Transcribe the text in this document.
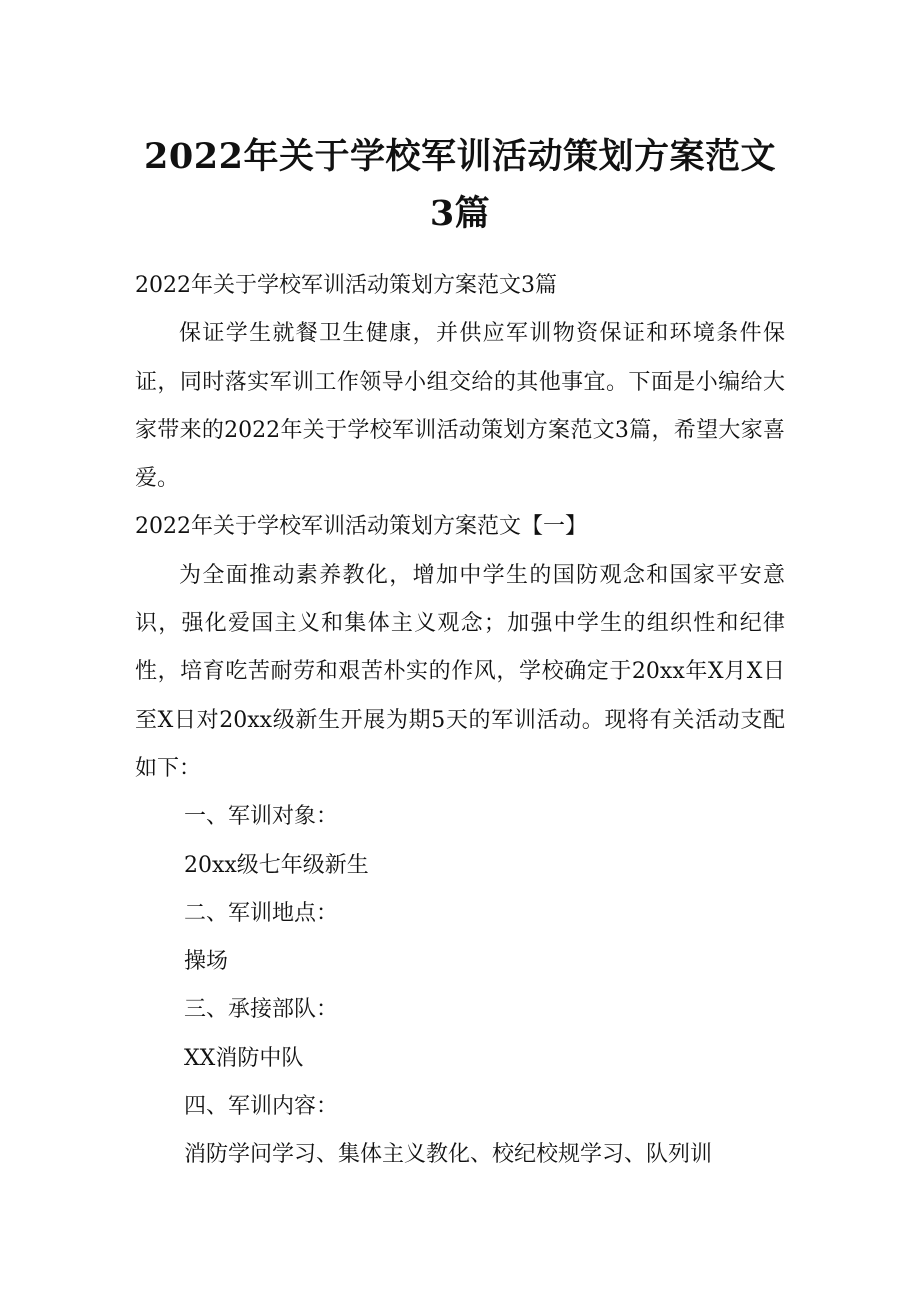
2022年关于学校军训活动策划方案范文3篇

2022年关于学校军训活动策划方案范文3篇

保证学生就餐卫生健康，并供应军训物资保证和环境条件保证，同时落实军训工作领导小组交给的其他事宜。下面是小编给大家带来的2022年关于学校军训活动策划方案范文3篇，希望大家喜爱。

2022年关于学校军训活动策划方案范文【一】

为全面推动素养教化，增加中学生的国防观念和国家平安意识，强化爱国主义和集体主义观念；加强中学生的组织性和纪律性，培育吃苦耐劳和艰苦朴实的作风，学校确定于20xx年X月X日至X日对20xx级新生开展为期5天的军训活动。现将有关活动支配如下：

一、军训对象：

20xx级七年级新生

二、军训地点：

操场

三、承接部队：

XX消防中队

四、军训内容：

消防学问学习、集体主义教化、校纪校规学习、队列训
